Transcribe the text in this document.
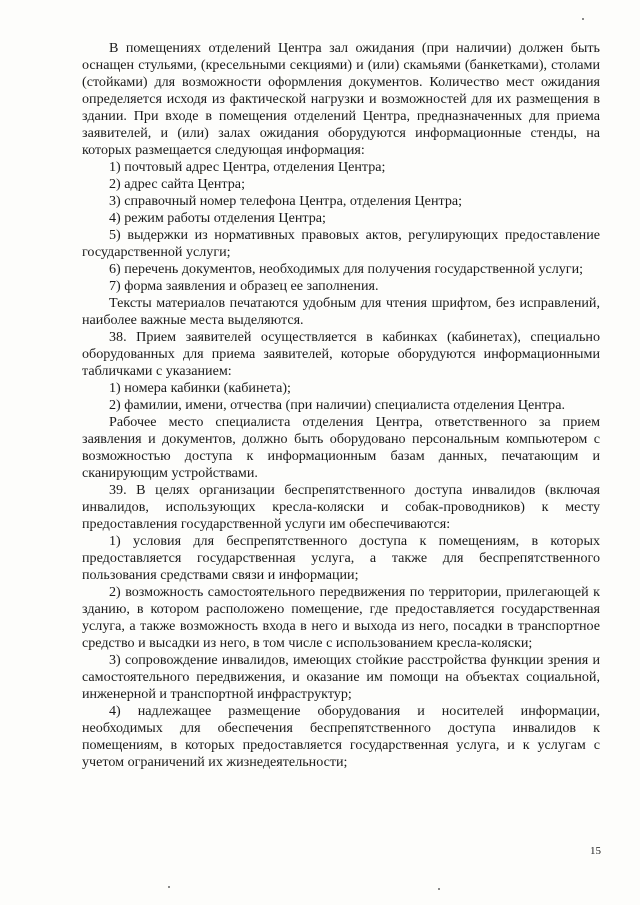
В помещениях отделений Центра зал ожидания (при наличии) должен быть оснащен стульями, (кресельными секциями) и (или) скамьями (банкетками), столами (стойками) для возможности оформления документов. Количество мест ожидания определяется исходя из фактической нагрузки и возможностей для их размещения в здании. При входе в помещения отделений Центра, предназначенных для приема заявителей, и (или) залах ожидания оборудуются информационные стенды, на которых размещается следующая информация:

1) почтовый адрес Центра, отделения Центра;

2) адрес сайта Центра;

3) справочный номер телефона Центра, отделения Центра;

4) режим работы отделения Центра;

5) выдержки из нормативных правовых актов, регулирующих предоставление государственной услуги;

6) перечень документов, необходимых для получения государственной услуги;

7) форма заявления и образец ее заполнения.

Тексты материалов печатаются удобным для чтения шрифтом, без исправлений, наиболее важные места выделяются.

38. Прием заявителей осуществляется в кабинках (кабинетах), специально оборудованных для приема заявителей, которые оборудуются информационными табличками с указанием:

1) номера кабинки (кабинета);

2) фамилии, имени, отчества (при наличии) специалиста отделения Центра.

Рабочее место специалиста отделения Центра, ответственного за прием заявления и документов, должно быть оборудовано персональным компьютером с возможностью доступа к информационным базам данных, печатающим и сканирующим устройствами.

39. В целях организации беспрепятственного доступа инвалидов (включая инвалидов, использующих кресла-коляски и собак-проводников) к месту предоставления государственной услуги им обеспечиваются:

1) условия для беспрепятственного доступа к помещениям, в которых предоставляется государственная услуга, а также для беспрепятственного пользования средствами связи и информации;

2) возможность самостоятельного передвижения по территории, прилегающей к зданию, в котором расположено помещение, где предоставляется государственная услуга, а также возможность входа в него и выхода из него, посадки в транспортное средство и высадки из него, в том числе с использованием кресла-коляски;

3) сопровождение инвалидов, имеющих стойкие расстройства функции зрения и самостоятельного передвижения, и оказание им помощи на объектах социальной, инженерной и транспортной инфраструктур;

4) надлежащее размещение оборудования и носителей информации, необходимых для обеспечения беспрепятственного доступа инвалидов к помещениям, в которых предоставляется государственная услуга, и к услугам с учетом ограничений их жизнедеятельности;

15
